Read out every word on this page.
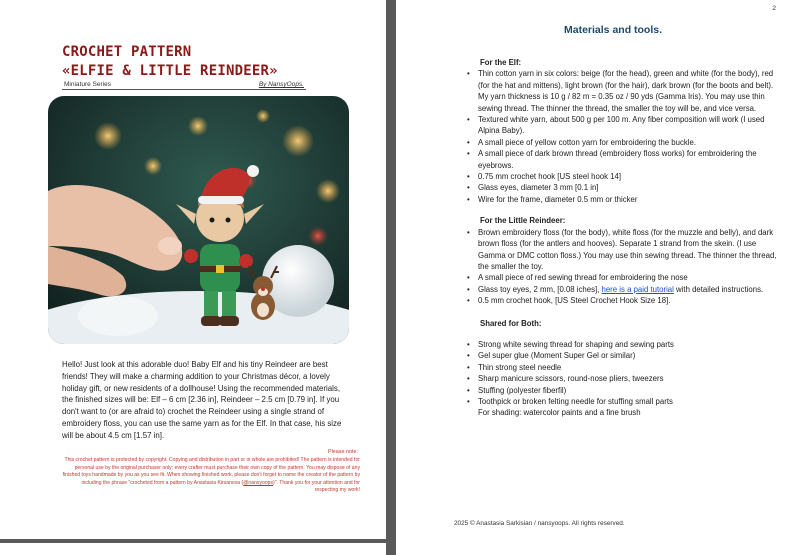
CROCHET PATTERN
«ELFIE & LITTLE REINDEER»
Miniature Series	By NansyOops.

Hello! Just look at this adorable duo! Baby Elf and his tiny Reindeer are best friends! They will make a charming addition to your Christmas décor, a lovely holiday gift, or new residents of a dollhouse! Using the recommended materials, the finished sizes will be: Elf – 6 cm [2.36 in], Reindeer – 2.5 cm [0.79 in]. If you don't want to (or are afraid to) crochet the Reindeer using a single strand of embroidery floss, you can use the same yarn as for the Elf. In that case, his size will be about 4.5 cm [1.57 in].

Please note:

This crochet pattern is protected by copyright. Copying and distribution in part or in whole are prohibited! The pattern is intended for personal use by the original purchaser only; every crafter must purchase their own copy of the pattern. You may dispose of any finished toys handmade by you as you see fit. When showing finished work, please don't forget to name the creator of the pattern by including the phrase "crocheted from a pattern by Anastasia Kirsanova (@nansyoops)". Thank you for your attention and for respecting my work!

2
Materials and tools.

For the Elf:

• Thin cotton yarn in six colors: beige (for the head), green and white (for the body), red (for the hat and mittens), light brown (for the hair), dark brown (for the boots and belt). My yarn thickness is 10 g / 82 m = 0.35 oz / 90 yds (Gamma Iris). You may use thin sewing thread. The thinner the thread, the smaller the toy will be, and vice versa.
• Textured white yarn, about 500 g per 100 m. Any fiber composition will work (I used Alpina Baby).
• A small piece of yellow cotton yarn for embroidering the buckle.
• A small piece of dark brown thread (embroidery floss works) for embroidering the eyebrows.
• 0.75 mm crochet hook [US steel hook 14]
• Glass eyes, diameter 3 mm [0.1 in]
• Wire for the frame, diameter 0.5 mm or thicker

For the Little Reindeer:

• Brown embroidery floss (for the body), white floss (for the muzzle and belly), and dark brown floss (for the antlers and hooves). Separate 1 strand from the skein. (I use Gamma or DMC cotton floss.) You may use thin sewing thread. The thinner the thread, the smaller the toy.
• A small piece of red sewing thread for embroidering the nose
• Glass toy eyes, 2 mm, [0.08 iches], here is a paid tutorial with detailed instructions.
• 0.5 mm crochet hook, [US Steel Crochet Hook Size 18].

Shared for Both:

• Strong white sewing thread for shaping and sewing parts
• Gel super glue (Moment Super Gel or similar)
• Thin strong steel needle
• Sharp manicure scissors, round-nose pliers, tweezers
• Stuffing (polyester fiberfil)
• Toothpick or broken felting needle for stuffing small parts

For shading: watercolor paints and a fine brush

2025 © Anastasia Sarkisian / nansyoops. All rights reserved.
